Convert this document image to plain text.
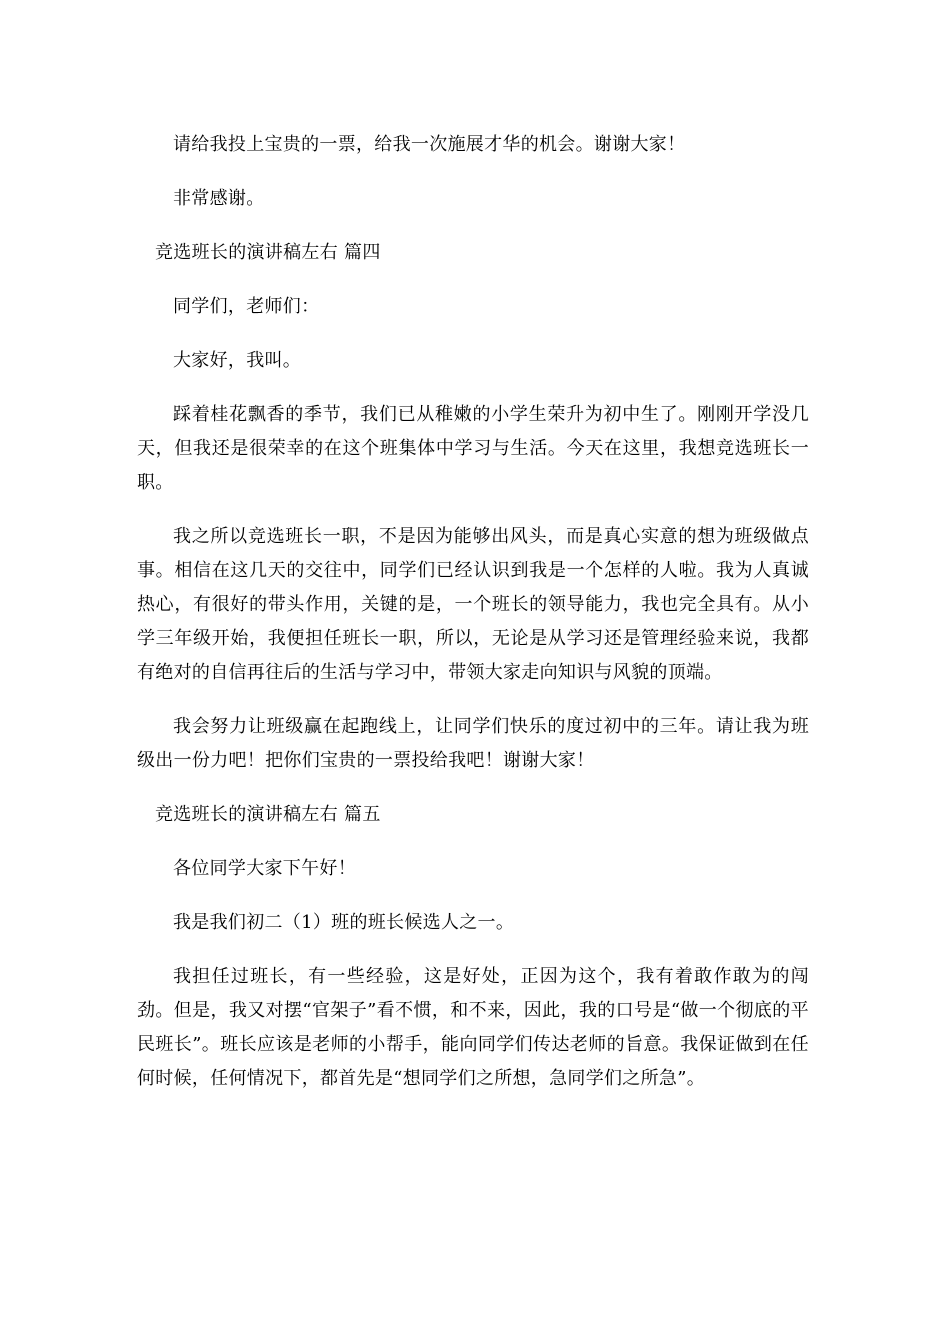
请给我投上宝贵的一票，给我一次施展才华的机会。谢谢大家！

非常感谢。

竞选班长的演讲稿左右 篇四

同学们，老师们：

大家好，我叫。

踩着桂花飘香的季节，我们已从稚嫩的小学生荣升为初中生了。刚刚开学没几天，但我还是很荣幸的在这个班集体中学习与生活。今天在这里，我想竞选班长一职。

我之所以竞选班长一职，不是因为能够出风头，而是真心实意的想为班级做点事。相信在这几天的交往中，同学们已经认识到我是一个怎样的人啦。我为人真诚热心，有很好的带头作用，关键的是，一个班长的领导能力，我也完全具有。从小学三年级开始，我便担任班长一职，所以，无论是从学习还是管理经验来说，我都有绝对的自信再往后的生活与学习中，带领大家走向知识与风貌的顶端。

我会努力让班级赢在起跑线上，让同学们快乐的度过初中的三年。请让我为班级出一份力吧！把你们宝贵的一票投给我吧！谢谢大家！

竞选班长的演讲稿左右 篇五

各位同学大家下午好！

我是我们初二（1）班的班长候选人之一。

我担任过班长，有一些经验，这是好处，正因为这个，我有着敢作敢为的闯劲。但是，我又对摆“官架子”看不惯，和不来，因此，我的口号是“做一个彻底的平民班长”。班长应该是老师的小帮手，能向同学们传达老师的旨意。我保证做到在任何时候，任何情况下，都首先是“想同学们之所想，急同学们之所急”。
